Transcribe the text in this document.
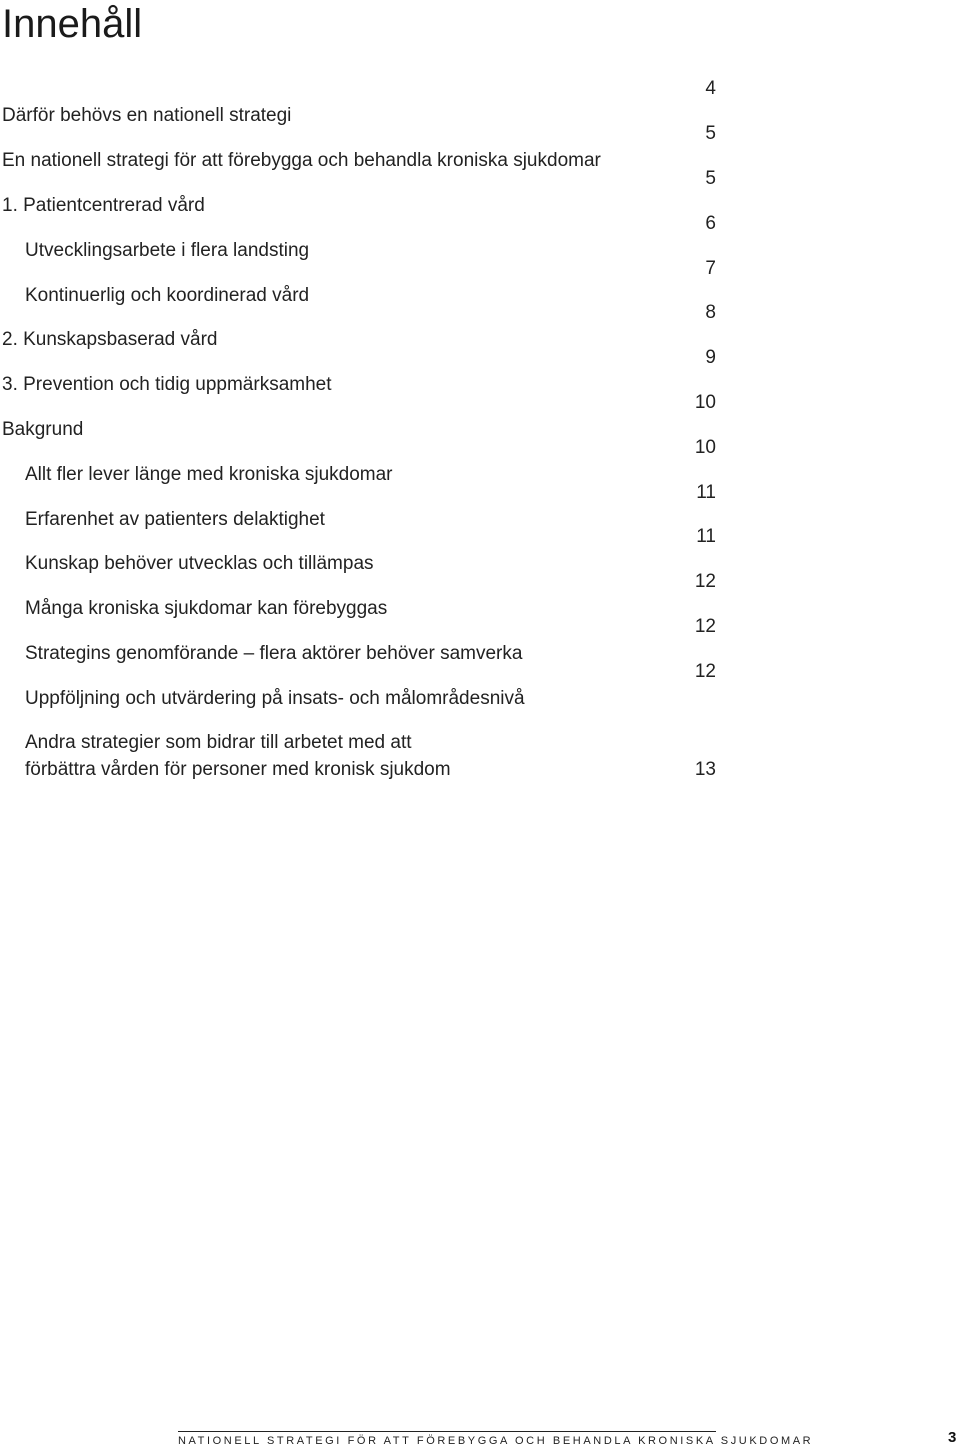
Innehåll
Därför behövs en nationell strategi
4
En nationell strategi för att förebygga och behandla kroniska sjukdomar
5
1. Patientcentrerad vård
5
Utvecklingsarbete i flera landsting
6
Kontinuerlig och koordinerad vård
7
2. Kunskapsbaserad vård
8
3. Prevention och tidig uppmärksamhet
9
Bakgrund
10
Allt fler lever länge med kroniska sjukdomar
10
Erfarenhet av patienters delaktighet
11
Kunskap behöver utvecklas och tillämpas
11
Många kroniska sjukdomar kan förebyggas
12
Strategins genomförande – flera aktörer behöver samverka
12
Uppföljning och utvärdering på insats- och målområdesnivå
12
Andra strategier som bidrar till arbetet med att
förbättra vården för personer med kronisk sjukdom	13
NATIONELL STRATEGI FÖR ATT FÖREBYGGA OCH BEHANDLA KRONISKA SJUKDOMAR	3
